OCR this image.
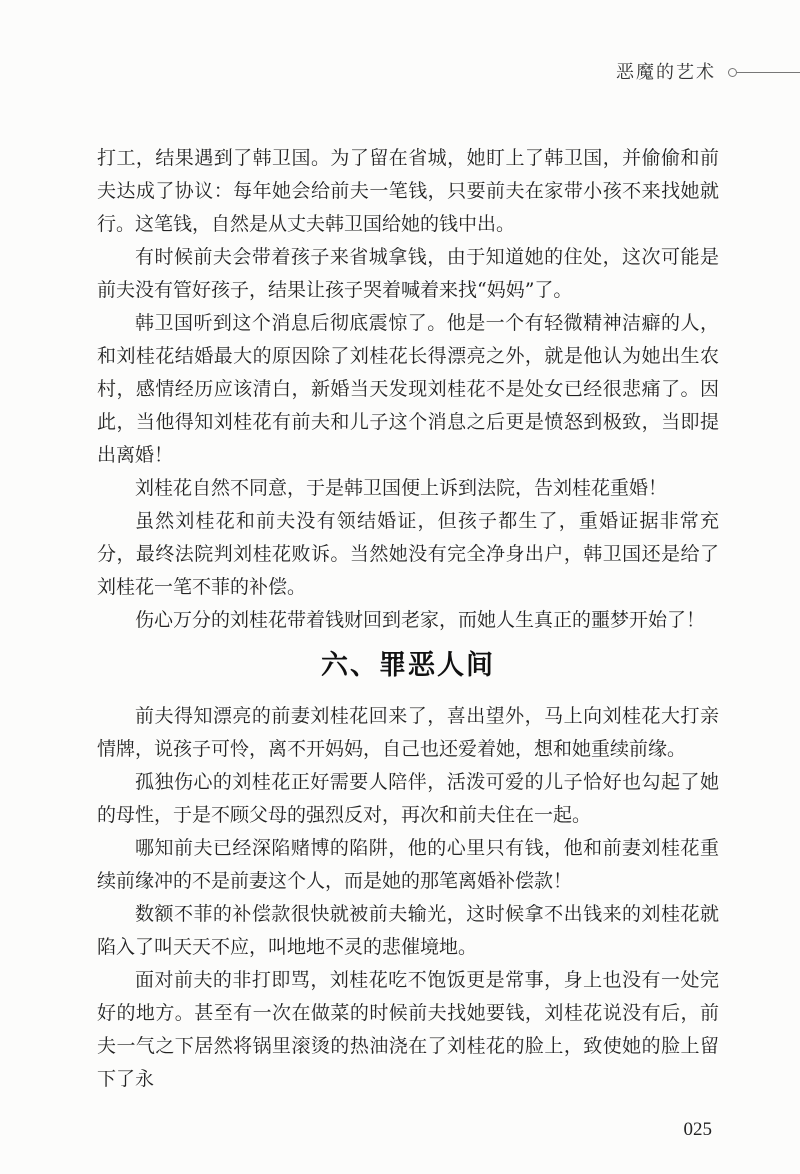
恶魔的艺术

打工，结果遇到了韩卫国。为了留在省城，她盯上了韩卫国，并偷偷和前夫达成了协议：每年她会给前夫一笔钱，只要前夫在家带小孩不来找她就行。这笔钱，自然是从丈夫韩卫国给她的钱中出。

有时候前夫会带着孩子来省城拿钱，由于知道她的住处，这次可能是前夫没有管好孩子，结果让孩子哭着喊着来找“妈妈”了。

韩卫国听到这个消息后彻底震惊了。他是一个有轻微精神洁癖的人，和刘桂花结婚最大的原因除了刘桂花长得漂亮之外，就是他认为她出生农村，感情经历应该清白，新婚当天发现刘桂花不是处女已经很悲痛了。因此，当他得知刘桂花有前夫和儿子这个消息之后更是愤怒到极致，当即提出离婚！

刘桂花自然不同意，于是韩卫国便上诉到法院，告刘桂花重婚！

虽然刘桂花和前夫没有领结婚证，但孩子都生了，重婚证据非常充分，最终法院判刘桂花败诉。当然她没有完全净身出户，韩卫国还是给了刘桂花一笔不菲的补偿。

伤心万分的刘桂花带着钱财回到老家，而她人生真正的噩梦开始了！

六、罪恶人间

前夫得知漂亮的前妻刘桂花回来了，喜出望外，马上向刘桂花大打亲情牌，说孩子可怜，离不开妈妈，自己也还爱着她，想和她重续前缘。

孤独伤心的刘桂花正好需要人陪伴，活泼可爱的儿子恰好也勾起了她的母性，于是不顾父母的强烈反对，再次和前夫住在一起。

哪知前夫已经深陷赌博的陷阱，他的心里只有钱，他和前妻刘桂花重续前缘冲的不是前妻这个人，而是她的那笔离婚补偿款！

数额不菲的补偿款很快就被前夫输光，这时候拿不出钱来的刘桂花就陷入了叫天天不应，叫地地不灵的悲催境地。

面对前夫的非打即骂，刘桂花吃不饱饭更是常事，身上也没有一处完好的地方。甚至有一次在做菜的时候前夫找她要钱，刘桂花说没有后，前夫一气之下居然将锅里滚烫的热油浇在了刘桂花的脸上，致使她的脸上留下了永

025
